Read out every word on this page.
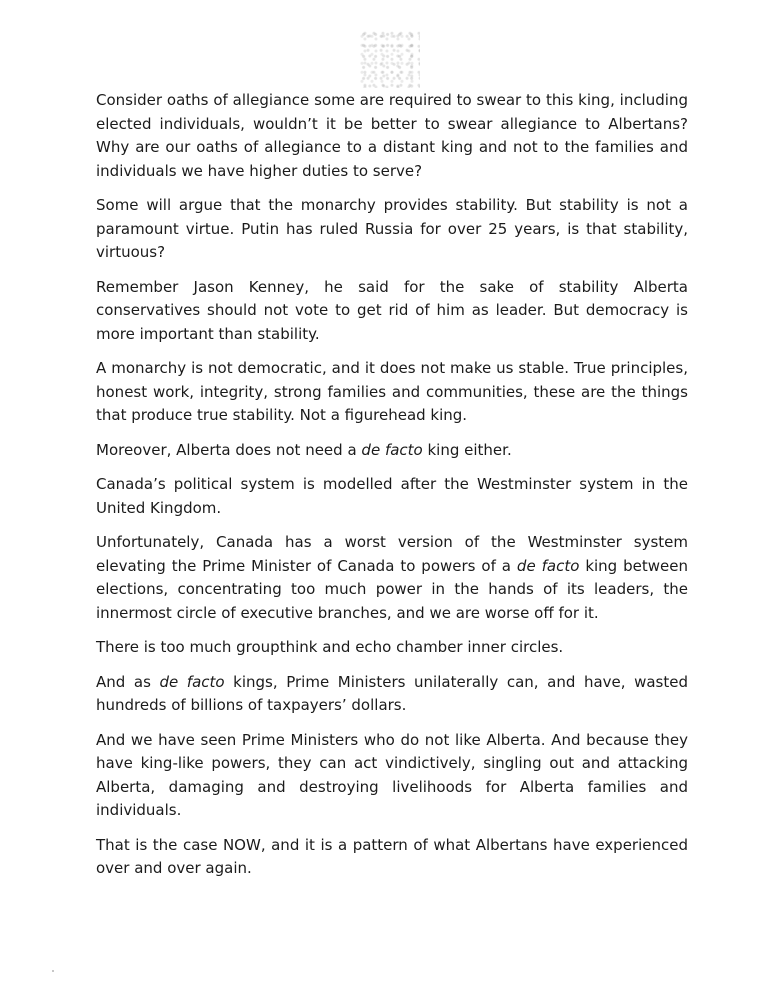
Consider oaths of allegiance some are required to swear to this king, including elected individuals, wouldn’t it be better to swear allegiance to Albertans? Why are our oaths of allegiance to a distant king and not to the families and individuals we have higher duties to serve?

Some will argue that the monarchy provides stability. But stability is not a paramount virtue. Putin has ruled Russia for over 25 years, is that stability, virtuous?

Remember Jason Kenney, he said for the sake of stability Alberta conservatives should not vote to get rid of him as leader. But democracy is more important than stability.

A monarchy is not democratic, and it does not make us stable. True principles, honest work, integrity, strong families and communities, these are the things that produce true stability. Not a figurehead king.

Moreover, Alberta does not need a de facto king either.

Canada’s political system is modelled after the Westminster system in the United Kingdom.

Unfortunately, Canada has a worst version of the Westminster system elevating the Prime Minister of Canada to powers of a de facto king between elections, concentrating too much power in the hands of its leaders, the innermost circle of executive branches, and we are worse off for it.

There is too much groupthink and echo chamber inner circles.

And as de facto kings, Prime Ministers unilaterally can, and have, wasted hundreds of billions of taxpayers’ dollars.

And we have seen Prime Ministers who do not like Alberta. And because they have king-like powers, they can act vindictively, singling out and attacking Alberta, damaging and destroying livelihoods for Alberta families and individuals.

That is the case NOW, and it is a pattern of what Albertans have experienced over and over again.
